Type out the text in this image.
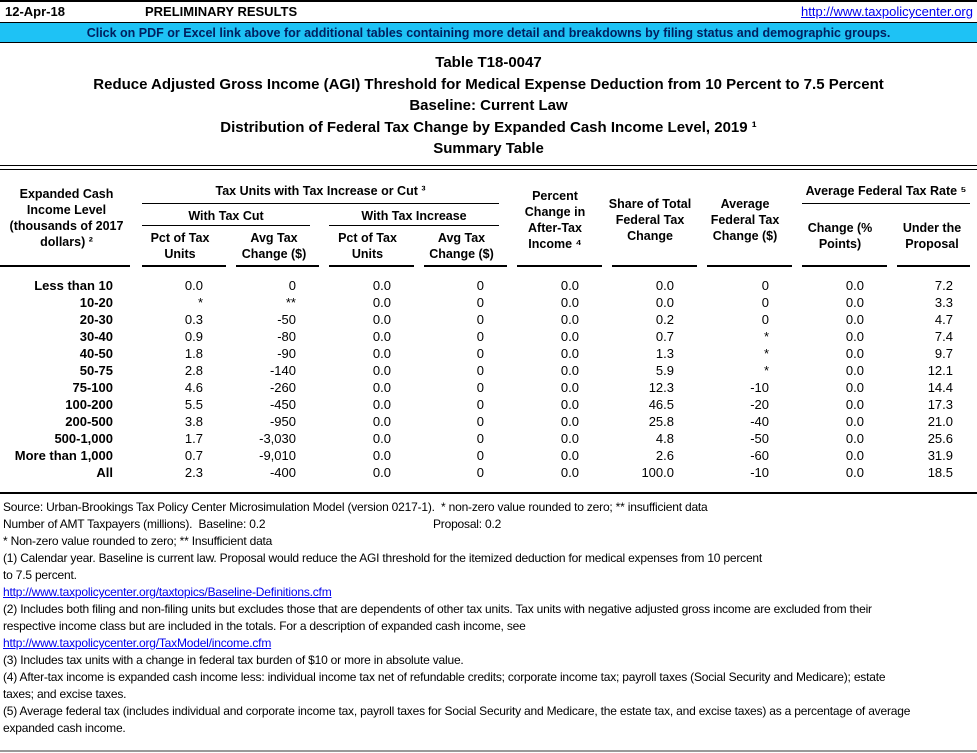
12-Apr-18	PRELIMINARY RESULTS	http://www.taxpolicycenter.org
Click on PDF or Excel link above for additional tables containing more detail and breakdowns by filing status and demographic groups.
Table T18-0047
Reduce Adjusted Gross Income (AGI) Threshold for Medical Expense Deduction from 10 Percent to 7.5 Percent
Baseline: Current Law
Distribution of Federal Tax Change by Expanded Cash Income Level, 2019 ¹
Summary Table
Expanded Cash Income Level (thousands of 2017 dollars) ²
Tax Units with Tax Increase or Cut ³
With Tax Cut	With Tax Increase
Pct of Tax Units
Avg Tax Change ($)
Pct of Tax Units
Avg Tax Change ($)
Percent Change in After-Tax Income ⁴
Share of Total Federal Tax Change
Average Federal Tax Change ($)
Average Federal Tax Rate ⁵
Change (% Points)
Under the Proposal
Less than 10	0.0	0	0.0	0	0.0	0.0	0	0.0	7.2
10-20	*	**	0.0	0	0.0	0.0	0	0.0	3.3
20-30	0.3	-50	0.0	0	0.0	0.2	0	0.0	4.7
30-40	0.9	-80	0.0	0	0.0	0.7	*	0.0	7.4
40-50	1.8	-90	0.0	0	0.0	1.3	*	0.0	9.7
50-75	2.8	-140	0.0	0	0.0	5.9	*	0.0	12.1
75-100	4.6	-260	0.0	0	0.0	12.3	-10	0.0	14.4
100-200	5.5	-450	0.0	0	0.0	46.5	-20	0.0	17.3
200-500	3.8	-950	0.0	0	0.0	25.8	-40	0.0	21.0
500-1,000	1.7	-3,030	0.0	0	0.0	4.8	-50	0.0	25.6
More than 1,000	0.7	-9,010	0.0	0	0.0	2.6	-60	0.0	31.9
All	2.3	-400	0.0	0	0.0	100.0	-10	0.0	18.5
Source: Urban-Brookings Tax Policy Center Microsimulation Model (version 0217-1).  * non-zero value rounded to zero; ** insufficient data
Number of AMT Taxpayers (millions).  Baseline: 0.2	Proposal: 0.2
* Non-zero value rounded to zero; ** Insufficient data
(1) Calendar year. Baseline is current law. Proposal would reduce the AGI threshold for the itemized deduction for medical expenses from 10 percent
to 7.5 percent.
http://www.taxpolicycenter.org/taxtopics/Baseline-Definitions.cfm
(2) Includes both filing and non-filing units but excludes those that are dependents of other tax units. Tax units with negative adjusted gross income are excluded from their
respective income class but are included in the totals. For a description of expanded cash income, see
http://www.taxpolicycenter.org/TaxModel/income.cfm
(3) Includes tax units with a change in federal tax burden of $10 or more in absolute value.
(4) After-tax income is expanded cash income less: individual income tax net of refundable credits; corporate income tax; payroll taxes (Social Security and Medicare); estate
taxes; and excise taxes.
(5) Average federal tax (includes individual and corporate income tax, payroll taxes for Social Security and Medicare, the estate tax, and excise taxes) as a percentage of average
expanded cash income.
